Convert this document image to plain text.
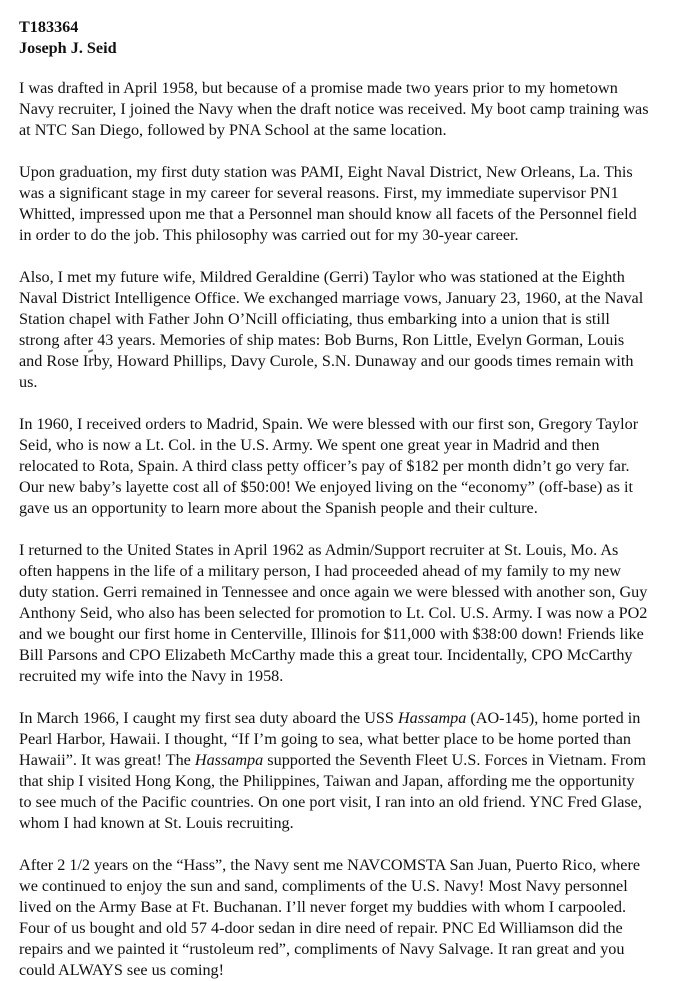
T183364

Joseph J. Seid

I was drafted in April 1958, but because of a promise made two years prior to my hometown
Navy recruiter, I joined the Navy when the draft notice was received. My boot camp training was
at NTC San Diego, followed by PNA School at the same location.

Upon graduation, my first duty station was PAMI, Eight Naval District, New Orleans, La. This
was a significant stage in my career for several reasons. First, my immediate supervisor PN1
Whitted, impressed upon me that a Personnel man should know all facets of the Personnel field
in order to do the job. This philosophy was carried out for my 30-year career.

Also, I met my future wife, Mildred Geraldine (Gerri) Taylor who was stationed at the Eighth
Naval District Intelligence Office. We exchanged marriage vows, January 23, 1960, at the Naval
Station chapel with Father John O’Ncill officiating, thus embarking into a union that is still
strong after 43 years. Memories of ship mates: Bob Burns, Ron Little, Evelyn Gorman, Louis
and Rose Irby, Howard Phillips, Davy Curole, S.N. Dunaway and our goods times remain with
us.

In 1960, I received orders to Madrid, Spain. We were blessed with our first son, Gregory Taylor
Seid, who is now a Lt. Col. in the U.S. Army. We spent one great year in Madrid and then
relocated to Rota, Spain. A third class petty officer’s pay of $182 per month didn’t go very far.
Our new baby’s layette cost all of $50:00! We enjoyed living on the “economy” (off-base) as it
gave us an opportunity to learn more about the Spanish people and their culture.

I returned to the United States in April 1962 as Admin/Support recruiter at St. Louis, Mo. As
often happens in the life of a military person, I had proceeded ahead of my family to my new
duty station. Gerri remained in Tennessee and once again we were blessed with another son, Guy
Anthony Seid, who also has been selected for promotion to Lt. Col. U.S. Army. I was now a PO2
and we bought our first home in Centerville, Illinois for $11,000 with $38:00 down! Friends like
Bill Parsons and CPO Elizabeth McCarthy made this a great tour. Incidentally, CPO McCarthy
recruited my wife into the Navy in 1958.

In March 1966, I caught my first sea duty aboard the USS Hassampa (AO-145), home ported in
Pearl Harbor, Hawaii. I thought, “If I’m going to sea, what better place to be home ported than
Hawaii”. It was great! The Hassampa supported the Seventh Fleet U.S. Forces in Vietnam. From
that ship I visited Hong Kong, the Philippines, Taiwan and Japan, affording me the opportunity
to see much of the Pacific countries. On one port visit, I ran into an old friend. YNC Fred Glase,
whom I had known at St. Louis recruiting.

After 2 1/2 years on the “Hass”, the Navy sent me NAVCOMSTA San Juan, Puerto Rico, where
we continued to enjoy the sun and sand, compliments of the U.S. Navy! Most Navy personnel
lived on the Army Base at Ft. Buchanan. I’ll never forget my buddies with whom I carpooled.
Four of us bought and old 57 4-door sedan in dire need of repair. PNC Ed Williamson did the
repairs and we painted it “rustoleum red”, compliments of Navy Salvage. It ran great and you
could ALWAYS see us coming!
